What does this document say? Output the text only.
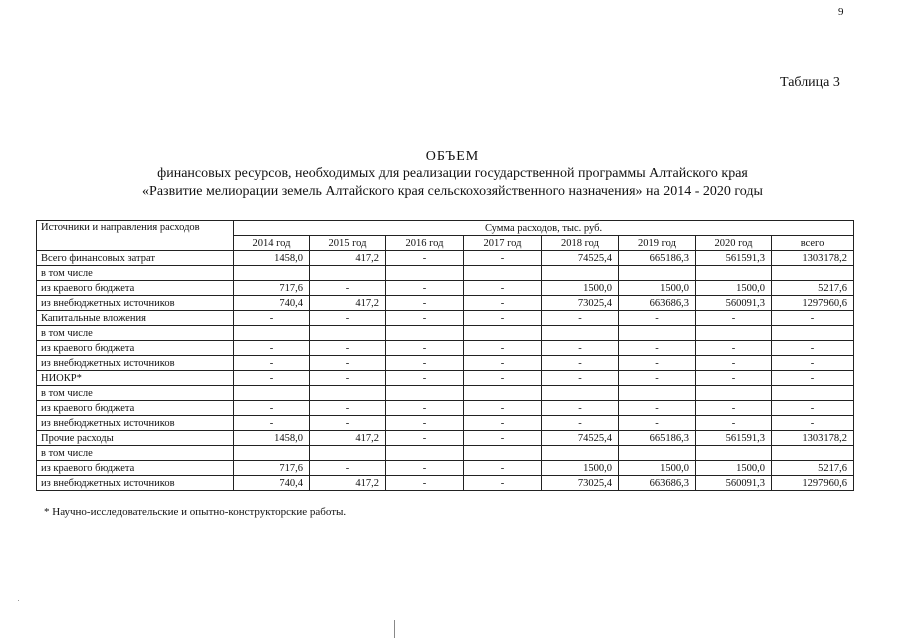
9
Таблица 3
ОБЪЕМ
финансовых ресурсов, необходимых для реализации государственной программы Алтайского края
«Развитие мелиорации земель Алтайского края сельскохозяйственного назначения» на 2014 - 2020 годы
Источники и направления расходов	Сумма расходов, тыс. руб.							
	2014 год	2015 год	2016 год	2017 год	2018 год	2019 год	2020 год	всего
Всего финансовых затрат	1458,0	417,2	-	-	74525,4	665186,3	561591,3	1303178,2
в том числе								
из краевого бюджета	717,6	-	-	-	1500,0	1500,0	1500,0	5217,6
из внебюджетных источников	740,4	417,2	-	-	73025,4	663686,3	560091,3	1297960,6
Капитальные вложения	-	-	-	-	-	-	-	-
в том числе								
из краевого бюджета	-	-	-	-	-	-	-	-
из внебюджетных источников	-	-	-	-	-	-	-	-
НИОКР*	-	-	-	-	-	-	-	-
в том числе								
из краевого бюджета	-	-	-	-	-	-	-	-
из внебюджетных источников	-	-	-	-	-	-	-	-
Прочие расходы	1458,0	417,2	-	-	74525,4	665186,3	561591,3	1303178,2
в том числе								
из краевого бюджета	717,6	-	-	-	1500,0	1500,0	1500,0	5217,6
из внебюджетных источников	740,4	417,2	-	-	73025,4	663686,3	560091,3	1297960,6
* Научно-исследовательские и опытно-конструкторские работы.
